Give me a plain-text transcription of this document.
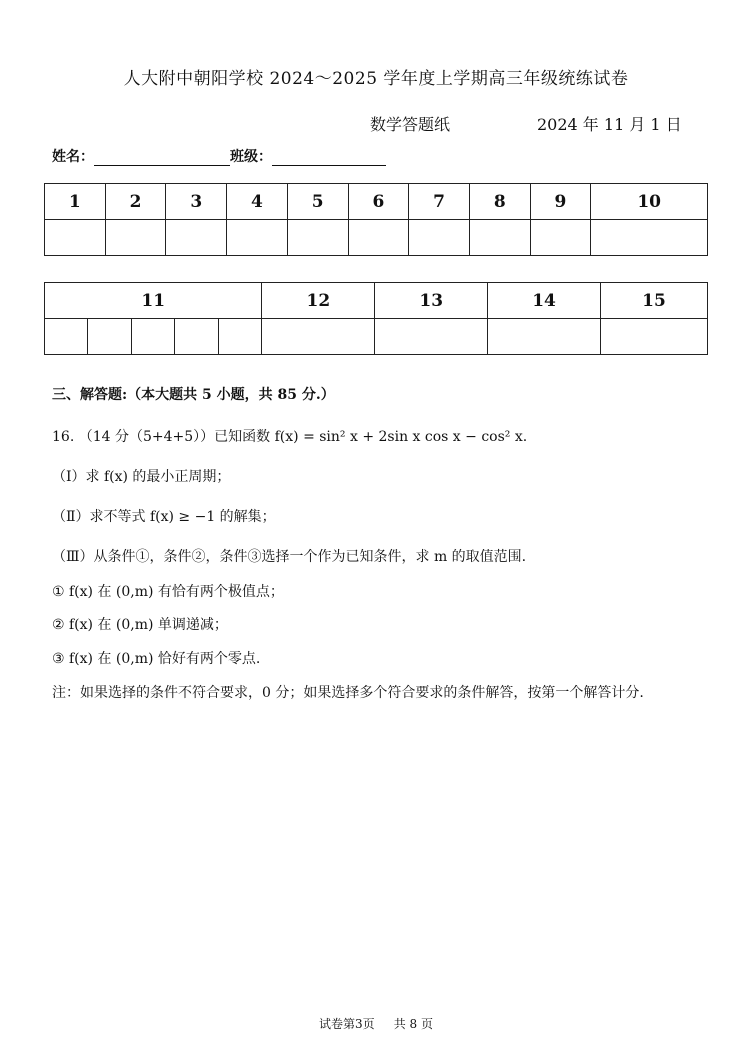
人大附中朝阳学校 2024～2025 学年度上学期高三年级统练试卷
数学答题纸	2024 年 11 月 1 日
姓名：	班级：
1	2	3	4	5	6	7	8	9	10

11					12	13	14	15

三、解答题:（本大题共 5 小题，共 85 分.）
16. （14 分（5+4+5））已知函数 f(x) = sin² x + 2sin x cos x − cos² x.
（Ⅰ）求 f(x) 的最小正周期；
（Ⅱ）求不等式 f(x) ≥ −1 的解集；
（Ⅲ）从条件①，条件②，条件③选择一个作为已知条件，求 m 的取值范围.
① f(x) 在 (0,m) 有恰有两个极值点；
② f(x) 在 (0,m) 单调递减；
③ f(x) 在 (0,m) 恰好有两个零点.
注：如果选择的条件不符合要求，0 分；如果选择多个符合要求的条件解答，按第一个解答计分.
试卷第3页 共 8 页
